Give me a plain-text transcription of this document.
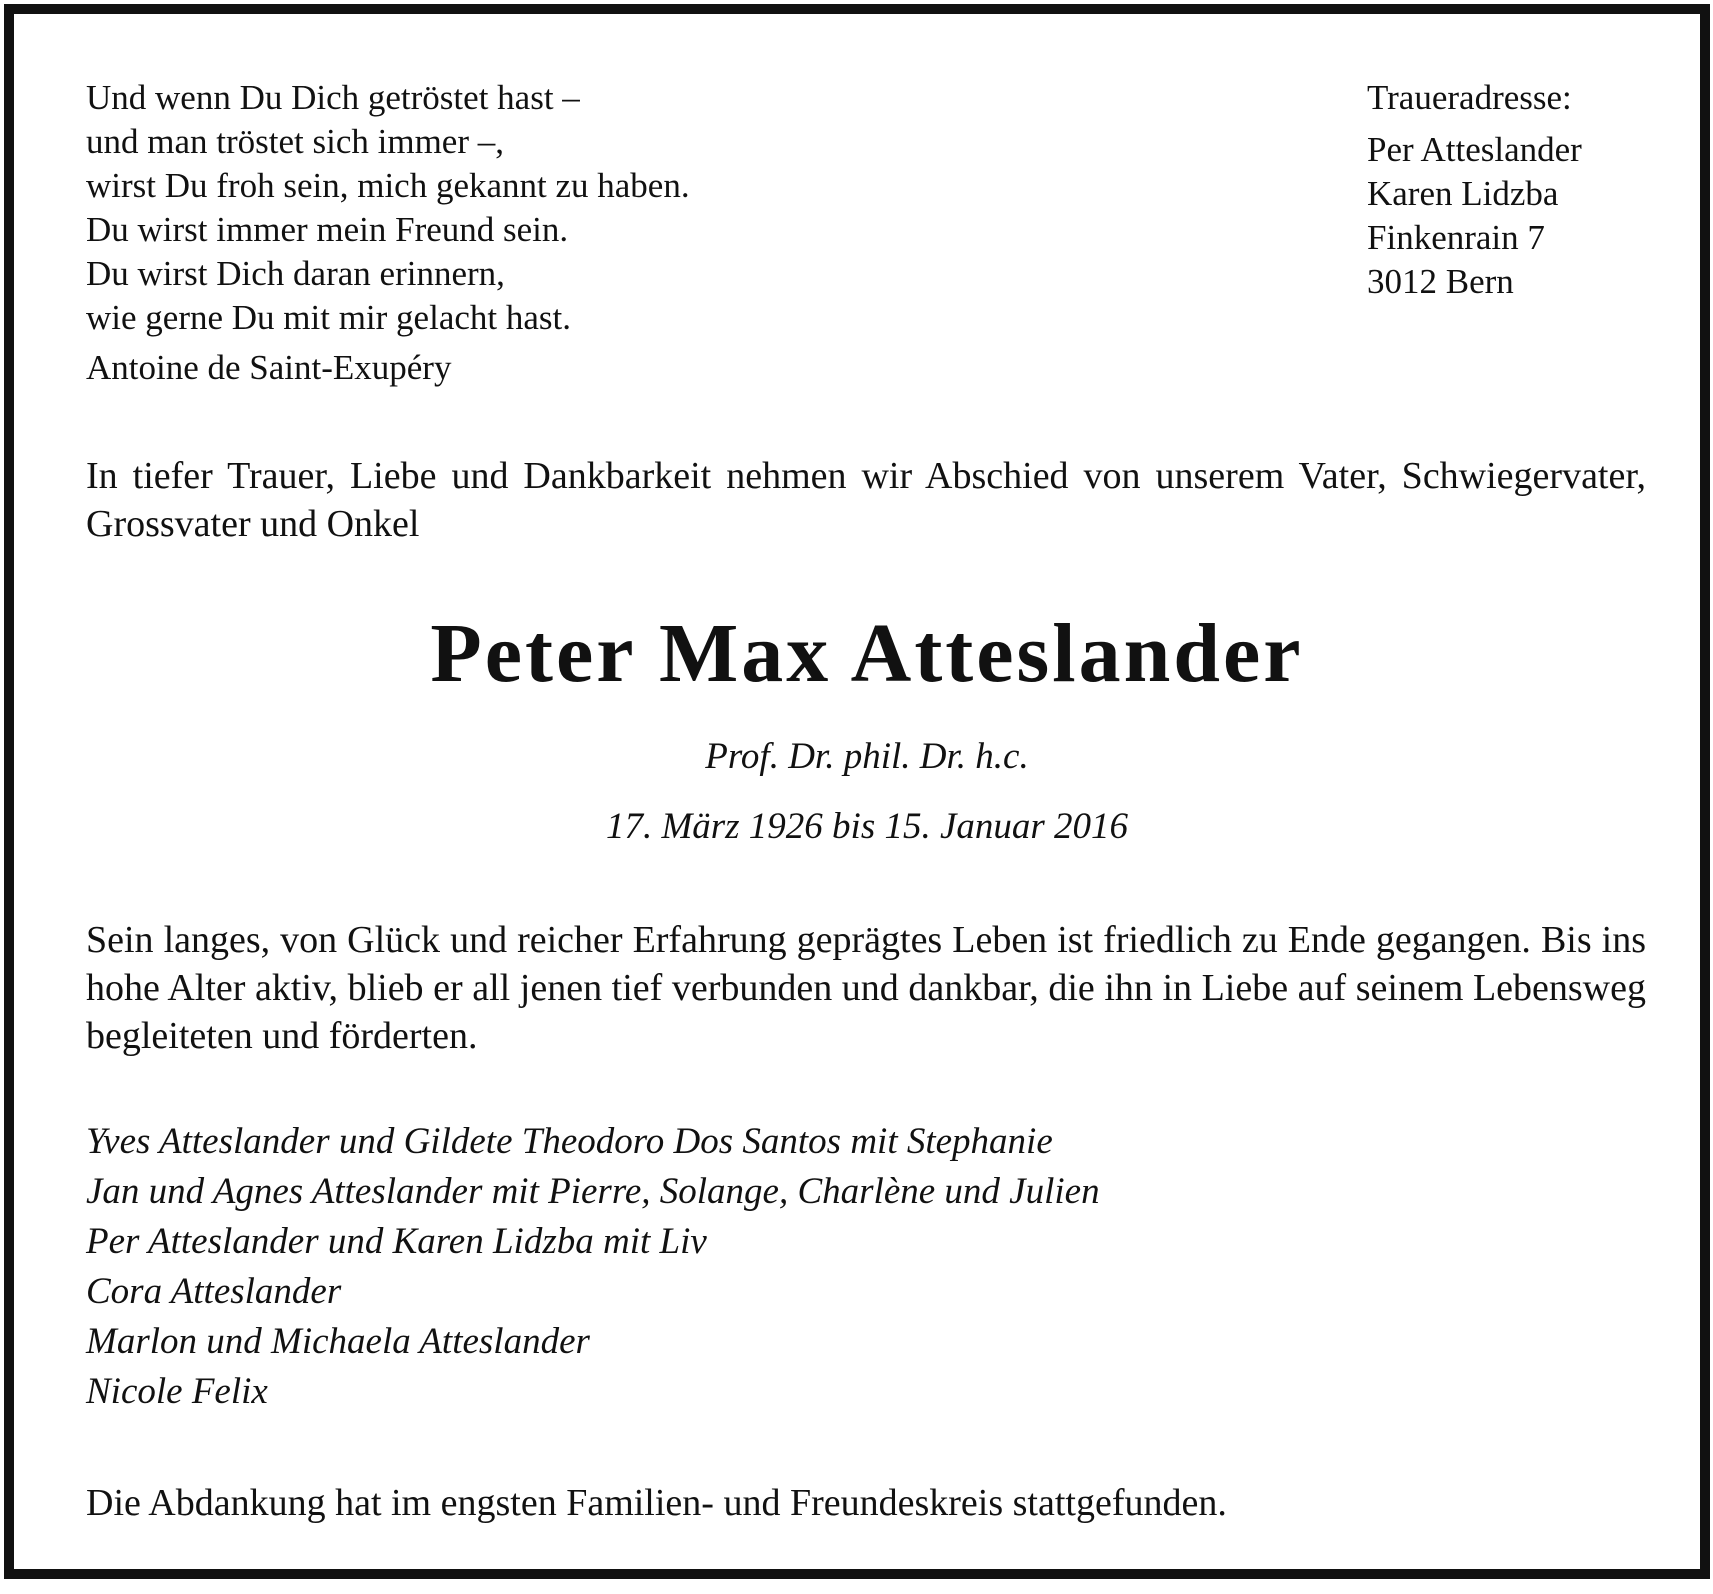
Und wenn Du Dich getröstet hast –
und man tröstet sich immer –,
wirst Du froh sein, mich gekannt zu haben.
Du wirst immer mein Freund sein.
Du wirst Dich daran erinnern,
wie gerne Du mit mir gelacht hast.
Antoine de Saint-Exupéry
Traueradresse:
Per Atteslander
Karen Lidzba
Finkenrain 7
3012 Bern
In tiefer Trauer, Liebe und Dankbarkeit nehmen wir Abschied von unserem Vater, Schwiegervater, Grossvater und Onkel
Peter Max Atteslander
Prof. Dr. phil. Dr. h.c.
17. März 1926 bis 15. Januar 2016
Sein langes, von Glück und reicher Erfahrung geprägtes Leben ist friedlich zu Ende gegangen. Bis ins hohe Alter aktiv, blieb er all jenen tief verbunden und dankbar, die ihn in Liebe auf seinem Lebensweg begleiteten und förderten.
Yves Atteslander und Gildete Theodoro Dos Santos mit Stephanie
Jan und Agnes Atteslander mit Pierre, Solange, Charlène und Julien
Per Atteslander und Karen Lidzba mit Liv
Cora Atteslander
Marlon und Michaela Atteslander
Nicole Felix
Die Abdankung hat im engsten Familien- und Freundeskreis stattgefunden.
